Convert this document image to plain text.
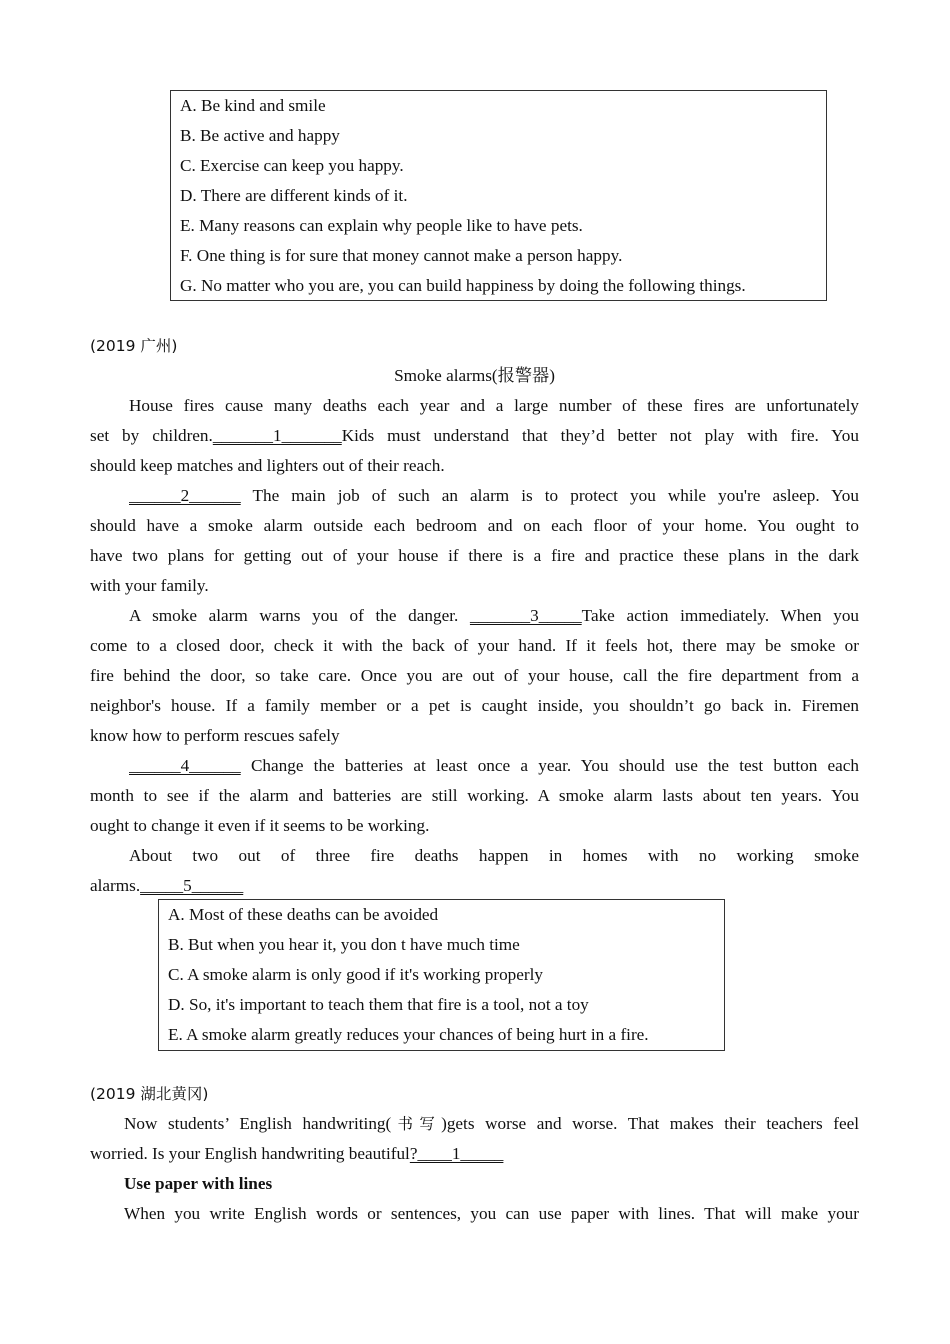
A. Be kind and smile
B. Be active and happy
C. Exercise can keep you happy.
D. There are different kinds of it.
E. Many reasons can explain why people like to have pets.
F. One thing is for sure that money cannot make a person happy.
G. No matter who you are, you can build happiness by doing the following things.
(2019 广州)
Smoke alarms(报警器)
House fires cause many deaths each year and a large number of these fires are unfortunately
set by children._______1_______Kids must understand that they’d better not play with fire. You
should keep matches and lighters out of their reach.
______2______ The main job of such an alarm is to protect you while you're asleep. You
should have a smoke alarm outside each bedroom and on each floor of your home. You ought to
have two plans for getting out of your house if there is a fire and practice these plans in the dark
with your family.
A smoke alarm warns you of the danger. _______3_____Take action immediately. When you
come to a closed door, check it with the back of your hand. If it feels hot, there may be smoke or
fire behind the door, so take care. Once you are out of your house, call the fire department from a
neighbor's house. If a family member or a pet is caught inside, you shouldn’t go back in. Firemen
know how to perform rescues safely
______4______ Change the batteries at least once a year. You should use the test button each
month to see if the alarm and batteries are still working. A smoke alarm lasts about ten years. You
ought to change it even if it seems to be working.
About two out of three fire deaths happen in homes with no working smoke
alarms._____5______
A. Most of these deaths can be avoided
B. But when you hear it, you don t have much time
C. A smoke alarm is only good if it's working properly
D. So, it's important to teach them that fire is a tool, not a toy
E. A smoke alarm greatly reduces your chances of being hurt in a fire.
(2019 湖北黄冈)
Now students’ English handwriting(书写)gets worse and worse. That makes their teachers feel
worried. Is your English handwriting beautiful?____1_____
Use paper with lines
When you write English words or sentences, you can use paper with lines. That will make your
